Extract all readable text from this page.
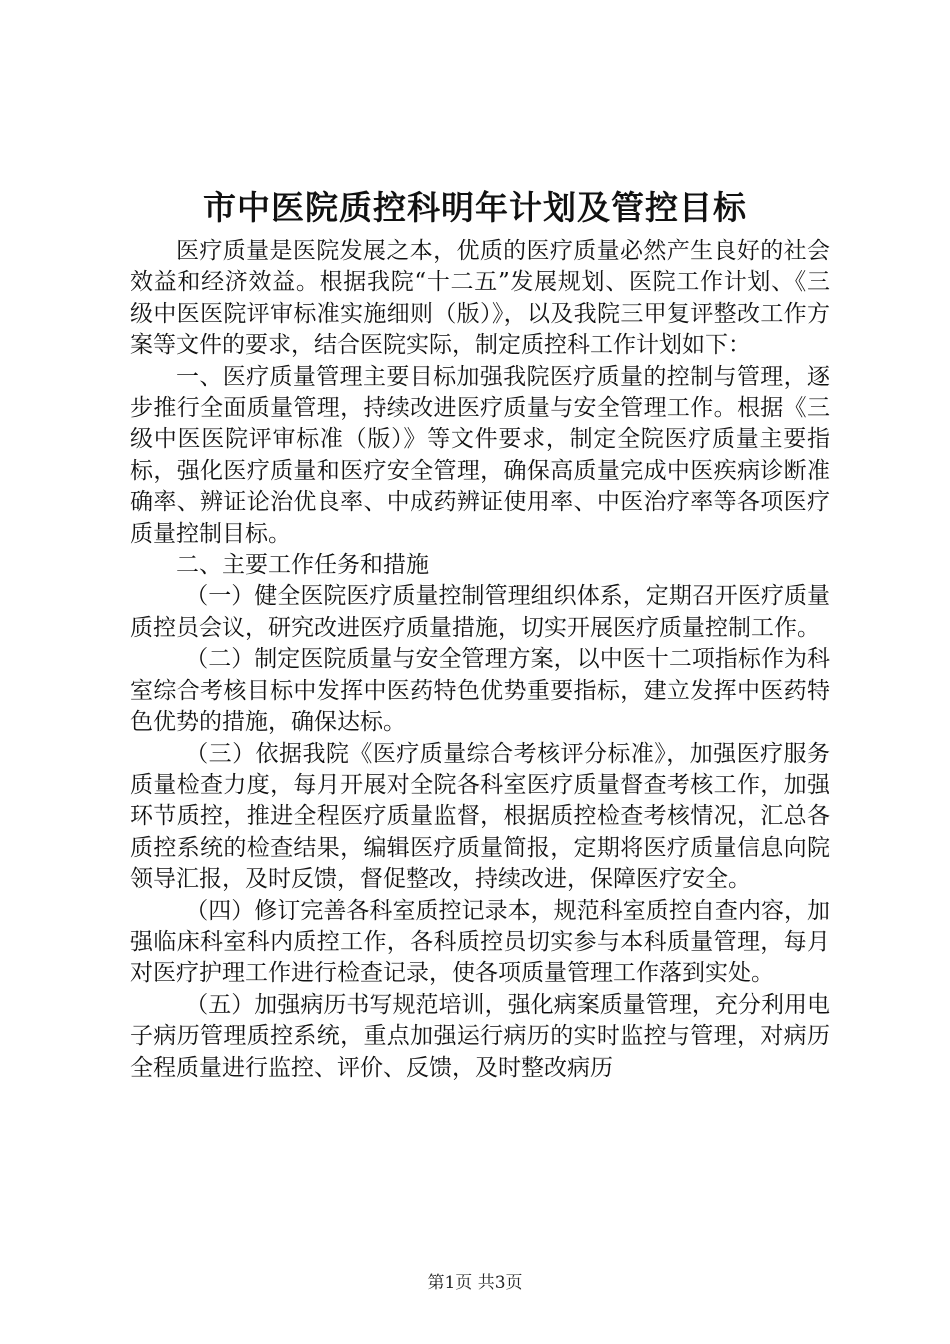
市中医院质控科明年计划及管控目标

医疗质量是医院发展之本，优质的医疗质量必然产生良好的社会效益和经济效益。根据我院“十二五”发展规划、医院工作计划、《三级中医医院评审标准实施细则（版）》，以及我院三甲复评整改工作方案等文件的要求，结合医院实际，制定质控科工作计划如下：

一、医疗质量管理主要目标加强我院医疗质量的控制与管理，逐步推行全面质量管理，持续改进医疗质量与安全管理工作。根据《三级中医医院评审标准（版）》等文件要求，制定全院医疗质量主要指标，强化医疗质量和医疗安全管理，确保高质量完成中医疾病诊断准确率、辨证论治优良率、中成药辨证使用率、中医治疗率等各项医疗质量控制目标。

二、主要工作任务和措施

（一）健全医院医疗质量控制管理组织体系，定期召开医疗质量质控员会议，研究改进医疗质量措施，切实开展医疗质量控制工作。

（二）制定医院质量与安全管理方案，以中医十二项指标作为科室综合考核目标中发挥中医药特色优势重要指标，建立发挥中医药特色优势的措施，确保达标。

（三）依据我院《医疗质量综合考核评分标准》，加强医疗服务质量检查力度，每月开展对全院各科室医疗质量督查考核工作，加强环节质控，推进全程医疗质量监督，根据质控检查考核情况，汇总各质控系统的检查结果，编辑医疗质量简报，定期将医疗质量信息向院领导汇报，及时反馈，督促整改，持续改进，保障医疗安全。

（四）修订完善各科室质控记录本，规范科室质控自查内容，加强临床科室科内质控工作，各科质控员切实参与本科质量管理，每月对医疗护理工作进行检查记录，使各项质量管理工作落到实处。

（五）加强病历书写规范培训，强化病案质量管理，充分利用电子病历管理质控系统，重点加强运行病历的实时监控与管理，对病历全程质量进行监控、评价、反馈，及时整改病历

第1页 共3页
